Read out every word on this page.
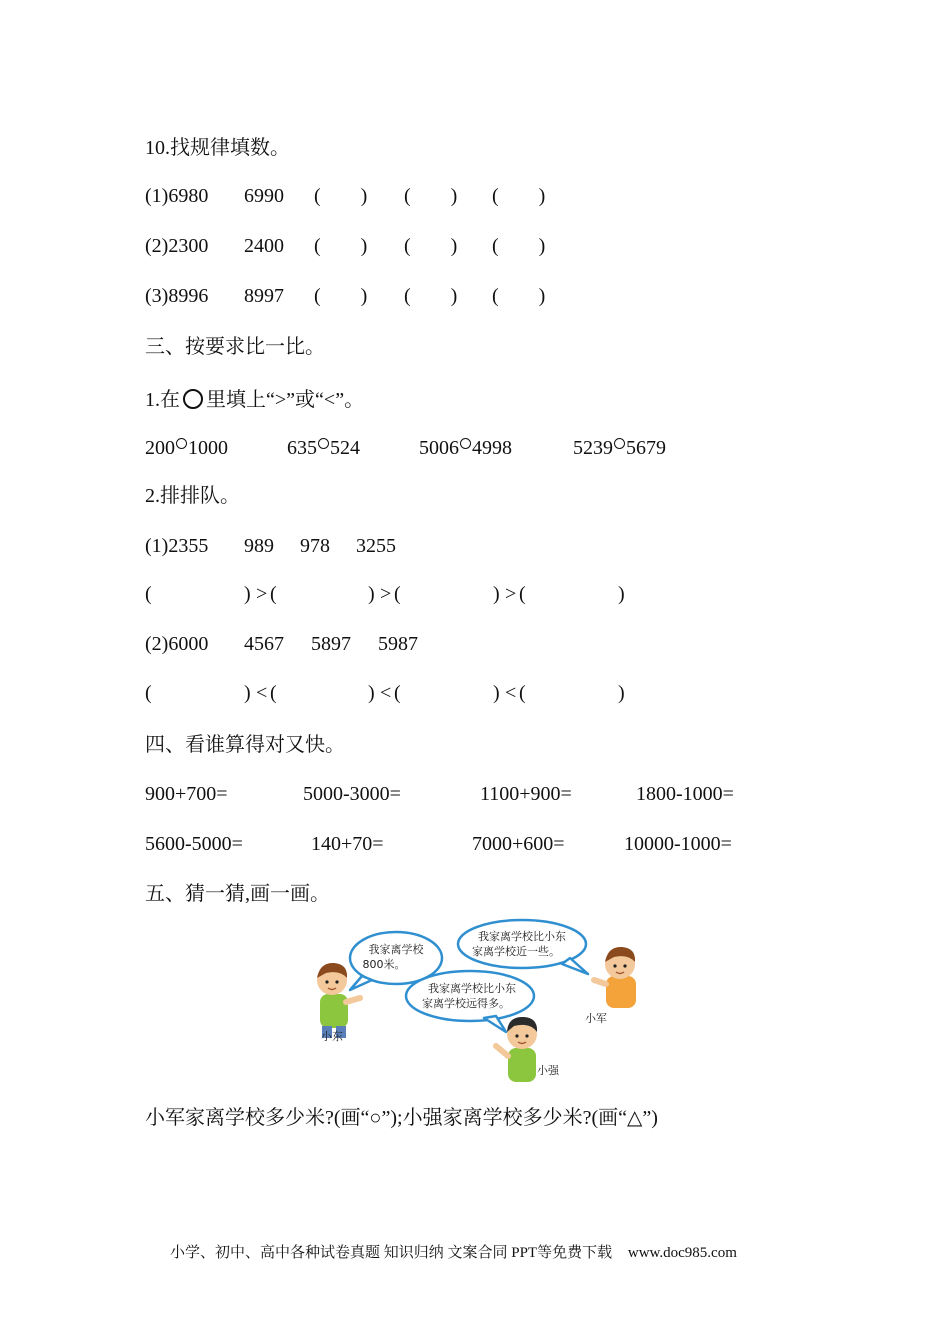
10.找规律填数。
(1)6980 6990 (　　) (　　) (　　)
(2)2300 2400 (　　) (　　) (　　)
(3)8996 8997 (　　) (　　) (　　)
三、按要求比一比。
1.在 里填上“>”或“<”。
200 1000	635 524	5006 4998	5239 5679
2.排排队。
(1)2355 989 978 3255
(	) > (	) > (	) > (	)
(2)6000 4567 5897 5987
(	) < (	) < (	) < (	)
四、看谁算得对又快。
900+700=	5000-3000=	1100+900=	1800-1000=
5600-5000=	140+70=	7000+600=	10000-1000=
五、猜一猜,画一画。
我家离学校
800米。
我家离学校比小东
家离学校近一些。
我家离学校比小东
家离学校远得多。
小东
小军
小强
小军家离学校多少米?(画“○”);小强家离学校多少米?(画“△”)
小学、初中、高中各种试卷真题 知识归纳 文案合同 PPT等免费下载 www.doc985.com
